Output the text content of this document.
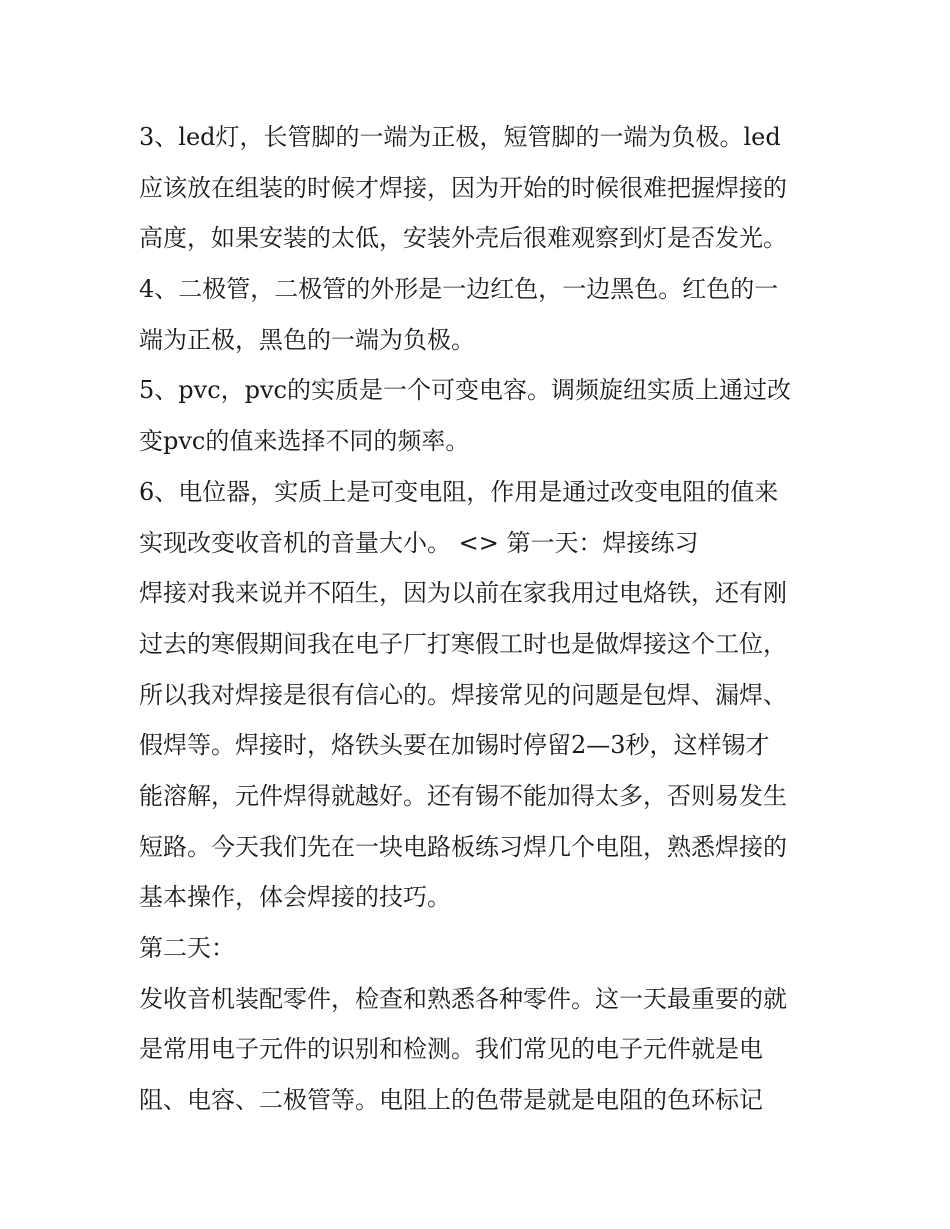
3、led灯，长管脚的一端为正极，短管脚的一端为负极。led
应该放在组装的时候才焊接，因为开始的时候很难把握焊接的
高度，如果安装的太低，安装外壳后很难观察到灯是否发光。
4、二极管，二极管的外形是一边红色，一边黑色。红色的一
端为正极，黑色的一端为负极。
5、pvc，pvc的实质是一个可变电容。调频旋纽实质上通过改
变pvc的值来选择不同的频率。
6、电位器，实质上是可变电阻，作用是通过改变电阻的值来
实现改变收音机的音量大小。 <> 第一天：焊接练习
焊接对我来说并不陌生，因为以前在家我用过电烙铁，还有刚
过去的寒假期间我在电子厂打寒假工时也是做焊接这个工位，
所以我对焊接是很有信心的。焊接常见的问题是包焊、漏焊、
假焊等。焊接时，烙铁头要在加锡时停留2—3秒，这样锡才
能溶解，元件焊得就越好。还有锡不能加得太多，否则易发生
短路。今天我们先在一块电路板练习焊几个电阻，熟悉焊接的
基本操作，体会焊接的技巧。
第二天：
发收音机装配零件，检查和熟悉各种零件。这一天最重要的就
是常用电子元件的识别和检测。我们常见的电子元件就是电
阻、电容、二极管等。电阻上的色带是就是电阻的色环标记
